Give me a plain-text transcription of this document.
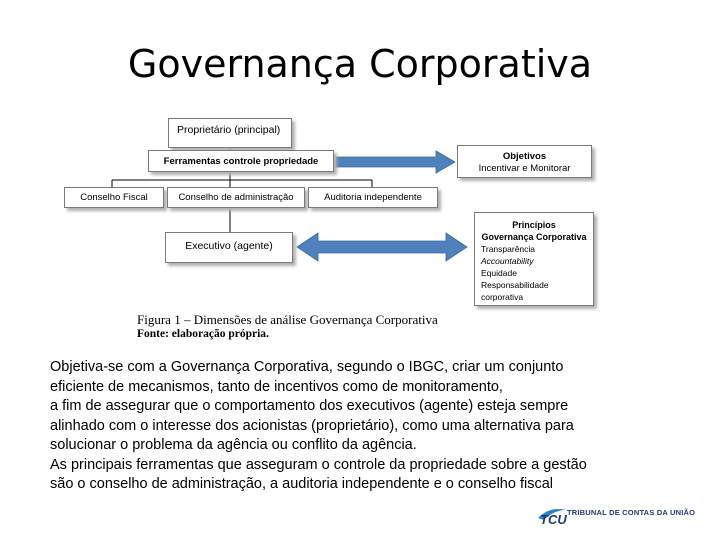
Governança Corporativa
Proprietário (principal)
Ferramentas controle propriedade	Objetivos
Incentivar e Monitorar
Conselho Fiscal	Conselho de administração	Auditoria independente
Executivo (agente)
Princípios
Governança Corporativa
Transparência
Accountability
Equidade
Responsabilidade
corporativa
Figura 1 – Dimensões de análise Governança Corporativa
Fonte: elaboração própria.

Objetiva-se com a Governança Corporativa, segundo o IBGC, criar um conjunto

eficiente de mecanismos, tanto de incentivos como de monitoramento,

a fim de assegurar que o comportamento dos executivos (agente) esteja sempre

alinhado com o interesse dos acionistas (proprietário), como uma alternativa para

solucionar o problema da agência ou conflito da agência.

As principais ferramentas que asseguram o controle da propriedade sobre a gestão

são o conselho de administração, a auditoria independente e o conselho fiscal

TCU TRIBUNAL DE CONTAS DA UNIÃO
